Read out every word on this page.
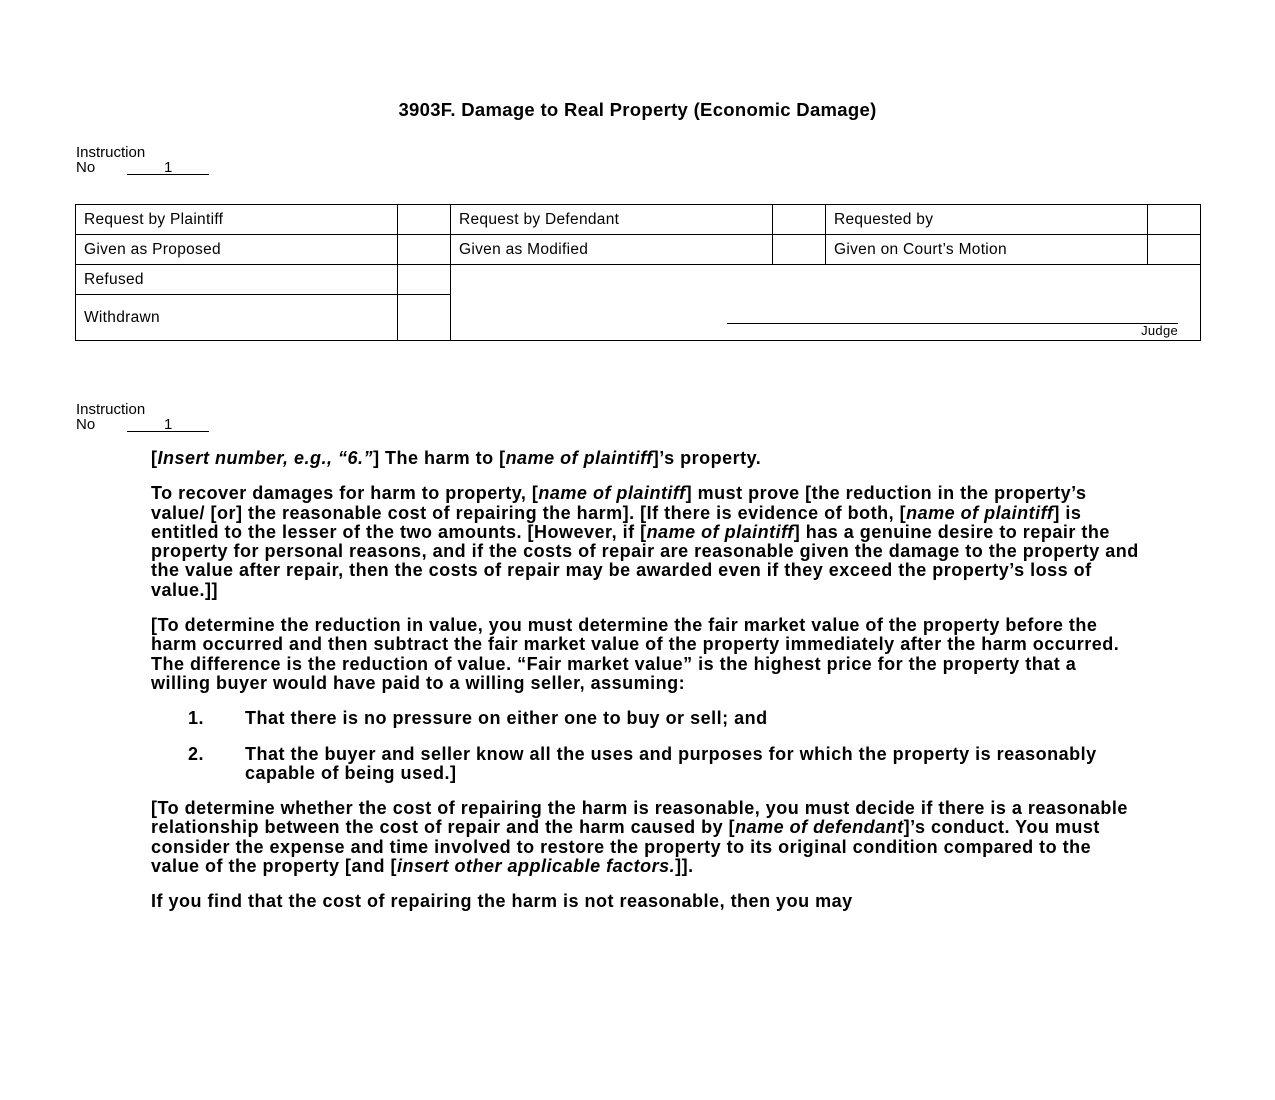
3903F. Damage to Real Property (Economic Damage)
Instruction
No	1
Request by Plaintiff		Request by Defendant		Requested by	
Given as Proposed		Given as Modified		Given on Court’s Motion	
Refused		Judge			

Withdrawn					
Instruction
No	1

[Insert number, e.g., “6.”] The harm to [name of plaintiff]’s property.

To recover damages for harm to property, [name of plaintiff] must prove [the reduction in the property’s value/ [or] the reasonable cost of repairing the harm]. [If there is evidence of both, [name of plaintiff] is entitled to the lesser of the two amounts. [However, if [name of plaintiff] has a genuine desire to repair the property for personal reasons, and if the costs of repair are reasonable given the damage to the property and the value after repair, then the costs of repair may be awarded even if they exceed the property’s loss of value.]]

[To determine the reduction in value, you must determine the fair market value of the property before the harm occurred and then subtract the fair market value of the property immediately after the harm occurred. The difference is the reduction of value. “Fair market value” is the highest price for the property that a willing buyer would have paid to a willing seller, assuming:

1.	That there is no pressure on either one to buy or sell; and
2.	That the buyer and seller know all the uses and purposes for which the property is reasonably capable of being used.]

[To determine whether the cost of repairing the harm is reasonable, you must decide if there is a reasonable relationship between the cost of repair and the harm caused by [name of defendant]’s conduct. You must consider the expense and time involved to restore the property to its original condition compared to the value of the property [and [insert other applicable factors.]].

If you find that the cost of repairing the harm is not reasonable, then you may
